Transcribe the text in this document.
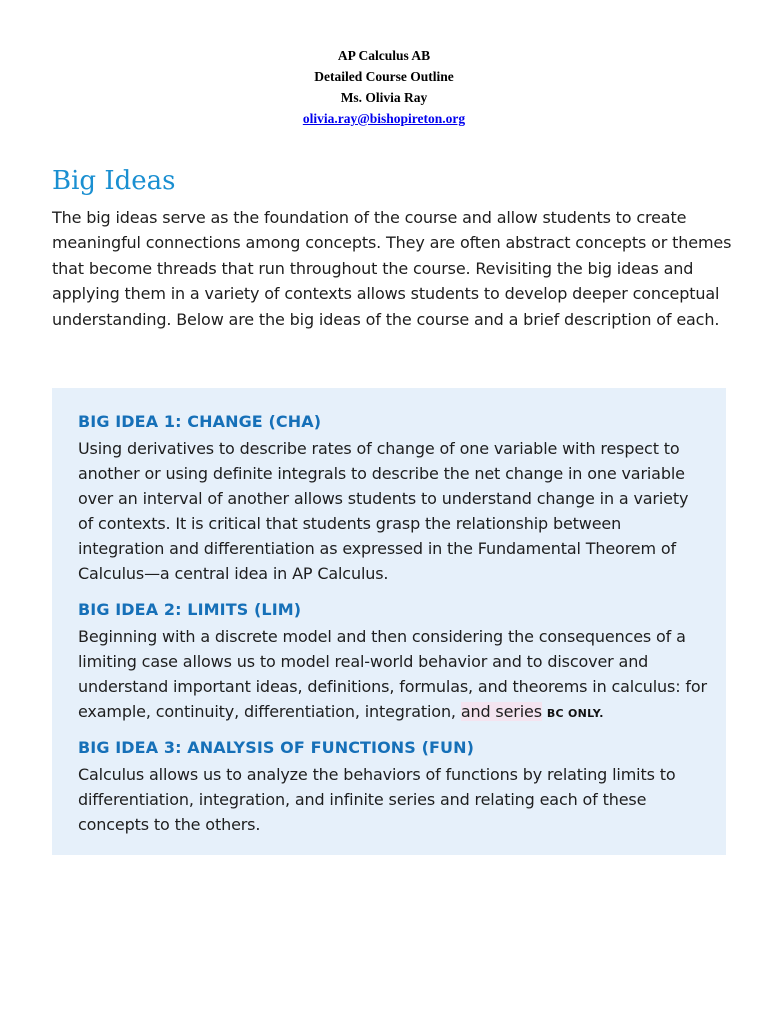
AP Calculus AB
Detailed Course Outline
Ms. Olivia Ray
olivia.ray@bishopireton.org
Big Ideas

The big ideas serve as the foundation of the course and allow students to create meaningful connections among concepts. They are often abstract concepts or themes that become threads that run throughout the course. Revisiting the big ideas and applying them in a variety of contexts allows students to develop deeper conceptual understanding. Below are the big ideas of the course and a brief description of each.

BIG IDEA 1: CHANGE (CHA)

Using derivatives to describe rates of change of one variable with respect to another or using definite integrals to describe the net change in one variable over an interval of another allows students to understand change in a variety of contexts. It is critical that students grasp the relationship between integration and differentiation as expressed in the Fundamental Theorem of Calculus—a central idea in AP Calculus.

BIG IDEA 2: LIMITS (LIM)

Beginning with a discrete model and then considering the consequences of a limiting case allows us to model real-world behavior and to discover and understand important ideas, definitions, formulas, and theorems in calculus: for example, continuity, differentiation, integration, and series BC ONLY.

BIG IDEA 3: ANALYSIS OF FUNCTIONS (FUN)

Calculus allows us to analyze the behaviors of functions by relating limits to differentiation, integration, and infinite series and relating each of these concepts to the others.
